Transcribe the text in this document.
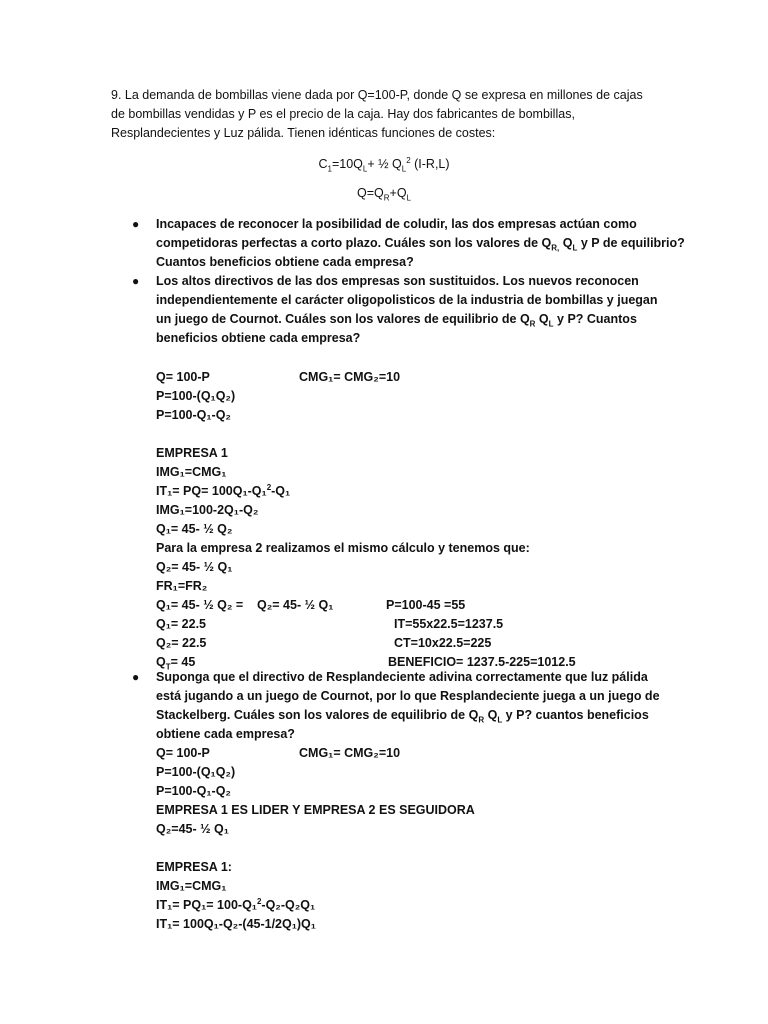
9. La demanda de bombillas viene dada por Q=100-P, donde Q se expresa en millones de cajas

de bombillas vendidas y P es el precio de la caja. Hay dos fabricantes de bombillas,

Resplandecientes y Luz pálida. Tienen idénticas funciones de costes:

$C_1=10Q_L+$ ½ $Q_L^2$ (I-R,L)
$Q=Q_R+Q_L$
● Incapaces de reconocer la posibilidad de coludir, las dos empresas actúan como
competidoras perfectas a corto plazo. Cuáles son los valores de $Q_{R,}$ $Q_L$ y P de equilibrio?
Cuantos beneficios obtiene cada empresa?
● Los altos directivos de las dos empresas son sustituidos. Los nuevos reconocen
independientemente el carácter oligopolisticos de la industria de bombillas y juegan
un juego de Cournot. Cuáles son los valores de equilibrio de $Q_R$ $Q_L$ y P? Cuantos
beneficios obtiene cada empresa?
Q= 100-P	CMG₁= CMG₂=10
P=100-(Q₁Q₂)
P=100-Q₁-Q₂
EMPRESA 1
IMG₁=CMG₁
IT₁= PQ= 100Q₁-Q₁$^2$-Q₁
IMG₁=100-2Q₁-Q₂
Q₁= 45- ½ Q₂
Para la empresa 2 realizamos el mismo cálculo y tenemos que:
Q₂= 45- ½ Q₁
FR₁=FR₂
Q₁= 45- ½ Q₂ = Q₂= 45- ½ Q₁	P=100-45 =55
Q₁= 22.5	IT=55x22.5=1237.5
Q₂= 22.5	CT=10x22.5=225
$Q_T= 45$	BENEFICIO= 1237.5-225=1012.5
● Suponga que el directivo de Resplandeciente adivina correctamente que luz pálida
está jugando a un juego de Cournot, por lo que Resplandeciente juega a un juego de
Stackelberg. Cuáles son los valores de equilibrio de $Q_R$ $Q_L$ y P? cuantos beneficios
obtiene cada empresa?
Q= 100-P	CMG₁= CMG₂=10
P=100-(Q₁Q₂)
P=100-Q₁-Q₂
EMPRESA 1 ES LIDER Y EMPRESA 2 ES SEGUIDORA
Q₂=45- ½ Q₁
EMPRESA 1:
IMG₁=CMG₁
IT₁= PQ₁= 100-Q₁$^2$-Q₂-Q₂Q₁
IT₁= 100Q₁-Q₂-(45-1/2Q₁)Q₁
